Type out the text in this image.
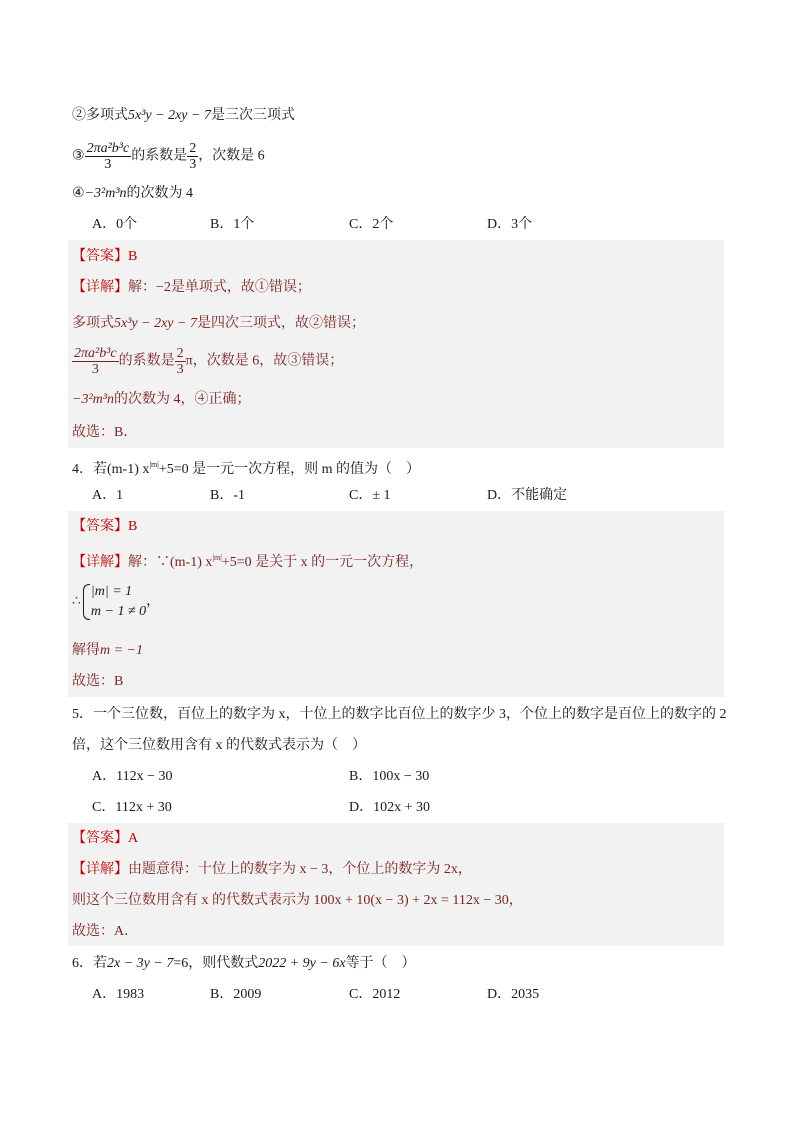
②多项式5x³y − 2xy − 7是三次三项式
③ $\frac{\text{2πa²b³c}}{3}$ 的系数是 $\frac{2}{3}$ ，次数是 6
④−3²m³n的次数为 4
A．0个	B．1个	C．2个	D．3个
【答案】B
【详解】解：−2是单项式，故①错误；
多项式5x³y − 2xy − 7是四次三项式，故②错误；
$\frac{\text{2πa²b³c}}{3}$ 的系数是 $\frac{2}{3}$ π，次数是 6，故③错误；
−3²m³n的次数为 4，④正确；
故选：B．
4．若(m-1) $x^{|m|}+5=0$ 是一元一次方程，则 m 的值为（　）
A．1	B．-1	C．± 1	D．不能确定
【答案】B
【详解】解：∵(m-1) $x^{|m|}+5=0$ 是关于 x 的一元一次方程，
∴
|m| = 1
m − 1 ≠ 0
，
解得m = −1
故选：B
5．一个三位数，百位上的数字为 x，十位上的数字比百位上的数字少 3，个位上的数字是百位上的数字的 2
倍，这个三位数用含有 x 的代数式表示为（　）
A．112x − 30	B．100x − 30
C．112x + 30	D．102x + 30
【答案】A
【详解】由题意得：十位上的数字为 x − 3，个位上的数字为 2x，
则这个三位数用含有 x 的代数式表示为 100x + 10(x − 3) + 2x = 112x − 30，
故选：A．
6．若2x − 3y − 7=6，则代数式2022 + 9y − 6x等于（　）
A．1983	B．2009	C．2012	D．2035
